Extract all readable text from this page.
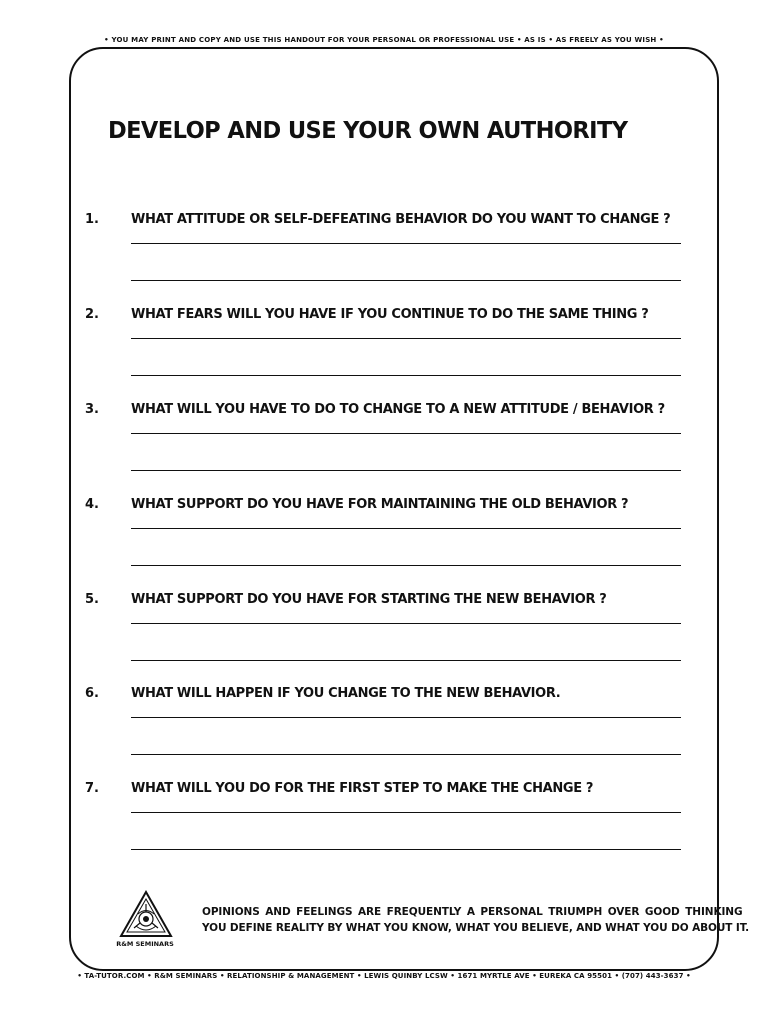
• YOU MAY PRINT AND COPY AND USE THIS HANDOUT FOR YOUR PERSONAL OR PROFESSIONAL USE • AS IS • AS FREELY AS YOU WISH •
DEVELOP AND USE YOUR OWN AUTHORITY
1. WHAT ATTITUDE OR SELF-DEFEATING BEHAVIOR DO YOU WANT TO CHANGE ?
2. WHAT FEARS WILL YOU HAVE IF YOU CONTINUE TO DO THE SAME THING ?
3. WHAT WILL YOU HAVE TO DO TO CHANGE TO A NEW ATTITUDE / BEHAVIOR ?
4. WHAT SUPPORT DO YOU HAVE FOR MAINTAINING THE OLD BEHAVIOR ?
5. WHAT SUPPORT DO YOU HAVE FOR STARTING THE NEW BEHAVIOR ?
6. WHAT WILL HAPPEN IF YOU CHANGE TO THE NEW BEHAVIOR.
7. WHAT WILL YOU DO FOR THE FIRST STEP TO MAKE THE CHANGE ?
R&M SEMINARS
OPINIONS AND FEELINGS ARE FREQUENTLY A PERSONAL TRIUMPH OVER GOOD THINKING
YOU DEFINE REALITY BY WHAT YOU KNOW, WHAT YOU BELIEVE, AND WHAT YOU DO ABOUT IT.
• TA-TUTOR.COM • R&M SEMINARS • RELATIONSHIP & MANAGEMENT • LEWIS QUINBY LCSW • 1671 MYRTLE AVE • EUREKA CA 95501 • (707) 443-3637 •
